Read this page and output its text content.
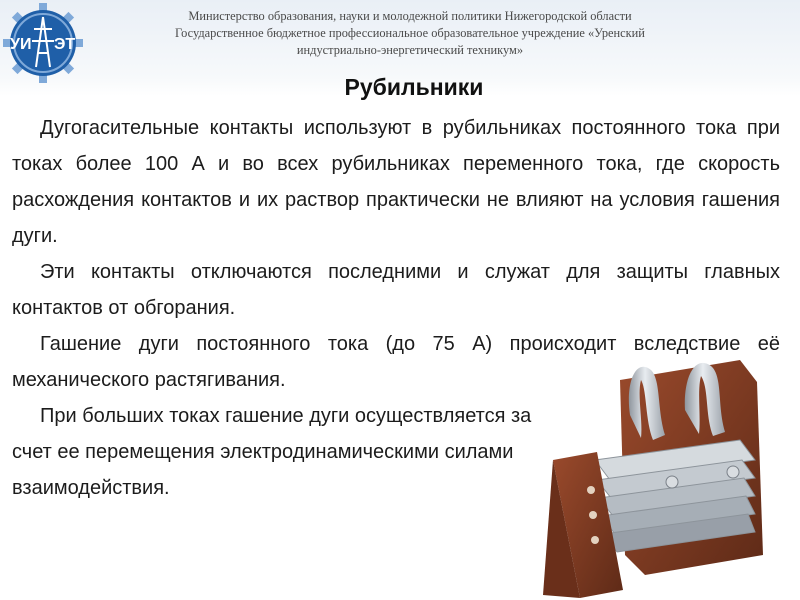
УИ ЭТ
Министерство образования, науки и молодежной политики Нижегородской области
Государственное бюджетное профессиональное образовательное учреждение «Уренский
индустриально-энергетический техникум»
Рубильники

Дугогасительные контакты используют в рубильниках постоянного тока при токах более 100 А и во всех рубильниках переменного тока, где скорость расхождения контактов и их раствор практически не влияют на условия гашения дуги.

Эти контакты отключаются последними и служат для защиты главных контактов от обгорания.

Гашение дуги постоянного тока (до 75 А) происходит вследствие её механического растягивания.

При больших токах гашение дуги осуществляется за счет ее перемещения электродинамическими силами взаимодействия.
